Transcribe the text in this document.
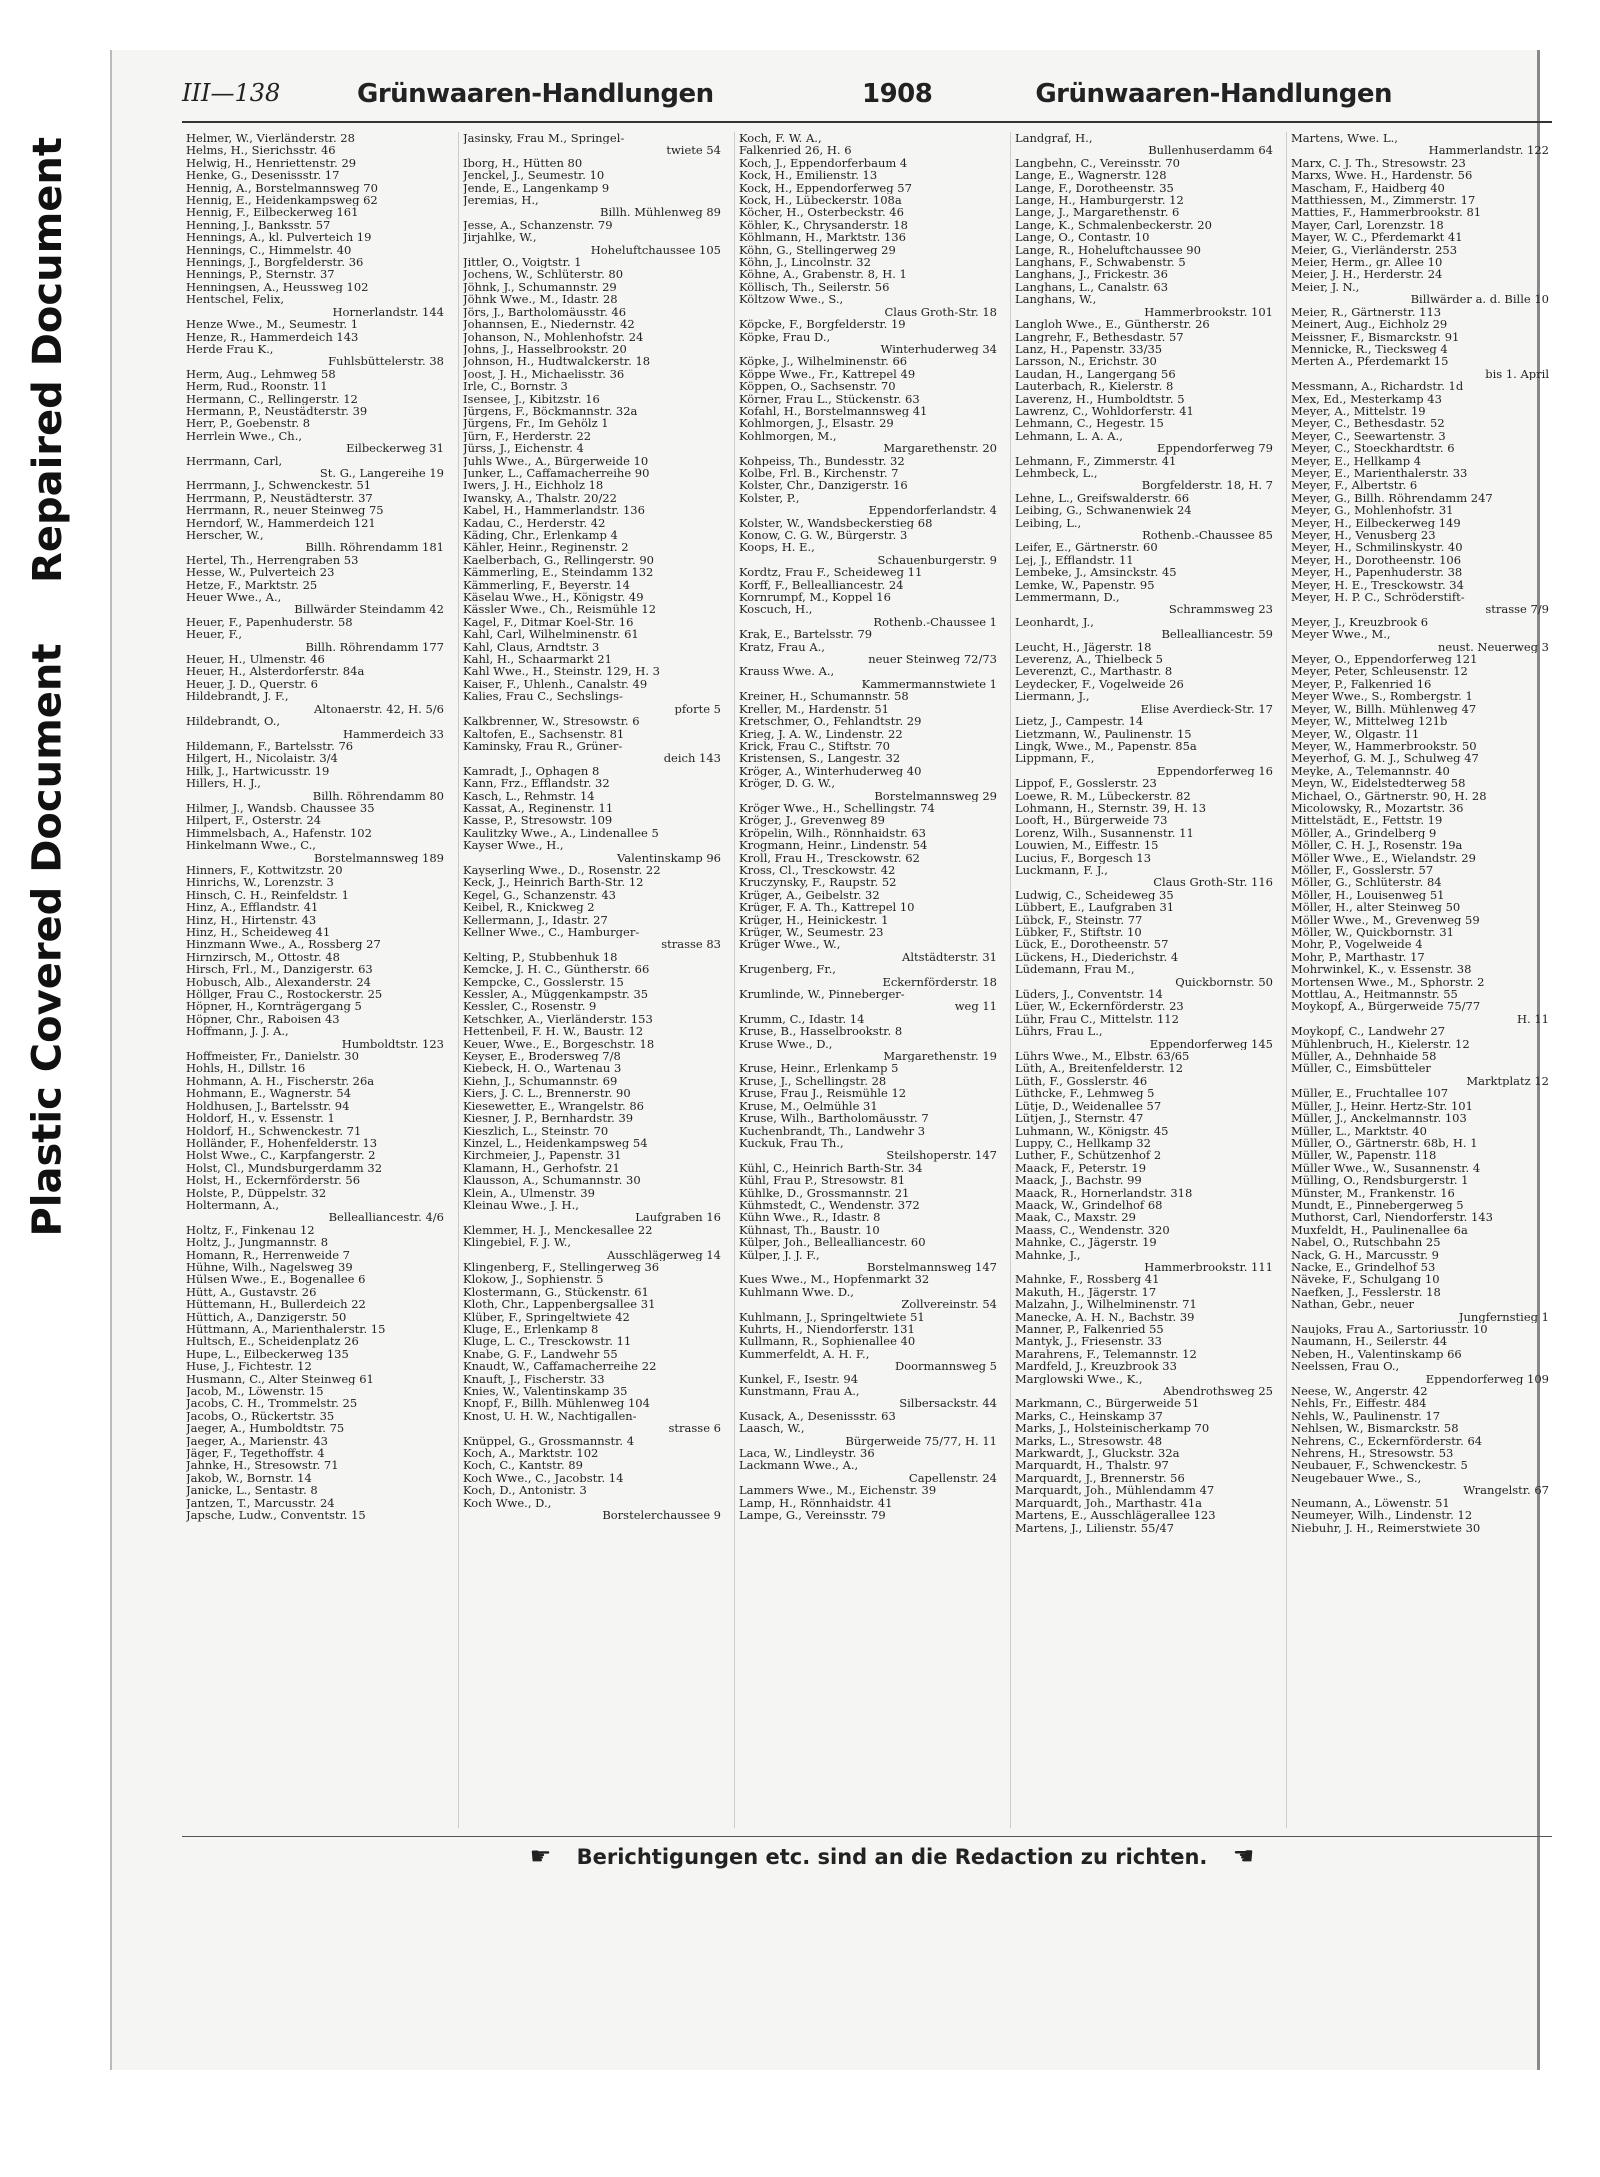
Repaired Document
Plastic Covered Document
III—138	Grünwaaren-Handlungen	1908	Grünwaaren-Handlungen
Helmer, W., Vierländerstr. 28
Helms, H., Sierichsstr. 46
Helwig, H., Henriettenstr. 29
Henke, G., Desenissstr. 17
Hennig, A., Borstelmannsweg 70
Hennig, E., Heidenkampsweg 62
Hennig, F., Eilbeckerweg 161
Henning, J., Banksstr. 57
Hennings, A., kl. Pulverteich 19
Hennings, C., Himmelstr. 40
Hennings, J., Borgfelderstr. 36
Hennings, P., Sternstr. 37
Henningsen, A., Heussweg 102
Hentschel, Felix,
Hornerlandstr. 144
Henze Wwe., M., Seumestr. 1
Henze, R., Hammerdeich 143
Herde Frau K.,
Fuhlsbüttelerstr. 38
Herm, Aug., Lehmweg 58
Herm, Rud., Roonstr. 11
Hermann, C., Rellingerstr. 12
Hermann, P., Neustädterstr. 39
Herr, P., Goebenstr. 8
Herrlein Wwe., Ch.,
Eilbeckerweg 31
Herrmann, Carl,
St. G., Langereihe 19
Herrmann, J., Schwenckestr. 51
Herrmann, P., Neustädterstr. 37
Herrmann, R., neuer Steinweg 75
Herndorf, W., Hammerdeich 121
Herscher, W.,
Billh. Röhrendamm 181
Hertel, Th., Herrengraben 53
Hesse, W., Pulverteich 23
Hetze, F., Marktstr. 25
Heuer Wwe., A.,
Billwärder Steindamm 42
Heuer, F., Papenhuderstr. 58
Heuer, F.,
Billh. Röhrendamm 177
Heuer, H., Ulmenstr. 46
Heuer, H., Alsterdorferstr. 84a
Heuer, J. D., Querstr. 6
Hildebrandt, J. F.,
Altonaerstr. 42, H. 5/6
Hildebrandt, O.,
Hammerdeich 33
Hildemann, F., Bartelsstr. 76
Hilgert, H., Nicolaistr. 3/4
Hilk, J., Hartwicusstr. 19
Hillers, H. J.,
Billh. Röhrendamm 80
Hilmer, J., Wandsb. Chaussee 35
Hilpert, F., Osterstr. 24
Himmelsbach, A., Hafenstr. 102
Hinkelmann Wwe., C.,
Borstelmannsweg 189
Hinners, F., Kottwitzstr. 20
Hinrichs, W., Lorenzstr. 3
Hinsch, C. H., Reinfeldstr. 1
Hinz, A., Efflandstr. 41
Hinz, H., Hirtenstr. 43
Hinz, H., Scheideweg 41
Hinzmann Wwe., A., Rossberg 27
Hirnzirsch, M., Ottostr. 48
Hirsch, Frl., M., Danzigerstr. 63
Hobusch, Alb., Alexanderstr. 24
Höllger, Frau C., Rostockerstr. 25
Höpner, H., Kornträgergang 5
Höpner, Chr., Raboisen 43
Hoffmann, J. J. A.,
Humboldtstr. 123
Hoffmeister, Fr., Danielstr. 30
Hohls, H., Dillstr. 16
Hohmann, A. H., Fischerstr. 26a
Hohmann, E., Wagnerstr. 54
Holdhusen, J., Bartelsstr. 94
Holdorf, H., v. Essenstr. 1
Holdorf, H., Schwenckestr. 71
Holländer, F., Hohenfelderstr. 13
Holst Wwe., C., Karpfangerstr. 2
Holst, Cl., Mundsburgerdamm 32
Holst, H., Eckernförderstr. 56
Holste, P., Düppelstr. 32
Holtermann, A.,
Bellealliancestr. 4/6
Holtz, F., Finkenau 12
Holtz, J., Jungmannstr. 8
Homann, R., Herrenweide 7
Hühne, Wilh., Nagelsweg 39
Hülsen Wwe., E., Bogenallee 6
Hütt, A., Gustavstr. 26
Hüttemann, H., Bullerdeich 22
Hüttich, A., Danzigerstr. 50
Hüttmann, A., Marienthalerstr. 15
Hultsch, E., Scheidenplatz 26
Hupe, L., Eilbeckerweg 135
Huse, J., Fichtestr. 12
Husmann, C., Alter Steinweg 61
Jacob, M., Löwenstr. 15
Jacobs, C. H., Trommelstr. 25
Jacobs, O., Rückertstr. 35
Jaeger, A., Humboldtstr. 75
Jaeger, A., Marienstr. 43
Jäger, F., Tegethoffstr. 4
Jahnke, H., Stresowstr. 71
Jakob, W., Bornstr. 14
Janicke, L., Sentastr. 8
Jantzen, T., Marcusstr. 24
Japsche, Ludw., Conventstr. 15
Jasinsky, Frau M., Springel-
twiete 54
Iborg, H., Hütten 80
Jenckel, J., Seumestr. 10
Jende, E., Langenkamp 9
Jeremias, H.,
Billh. Mühlenweg 89
Jesse, A., Schanzenstr. 79
Jirjahlke, W.,
Hoheluftchaussee 105
Jittler, O., Voigtstr. 1
Jochens, W., Schlüterstr. 80
Jöhnk, J., Schumannstr. 29
Jöhnk Wwe., M., Idastr. 28
Jörs, J., Bartholomäusstr. 46
Johannsen, E., Niedernstr. 42
Johanson, N., Mohlenhofstr. 24
Johns, J., Hasselbrookstr. 20
Johnson, H., Hudtwalckerstr. 18
Joost, J. H., Michaelisstr. 36
Irle, C., Bornstr. 3
Isensee, J., Kibitzstr. 16
Jürgens, F., Böckmannstr. 32a
Jürgens, Fr., Im Gehölz 1
Jürn, F., Herderstr. 22
Jürss, J., Eichenstr. 4
Juhls Wwe., A., Bürgerweide 10
Junker, L., Caffamacherreihe 90
Iwers, J. H., Eichholz 18
Iwansky, A., Thalstr. 20/22
Kabel, H., Hammerlandstr. 136
Kadau, C., Herderstr. 42
Käding, Chr., Erlenkamp 4
Kähler, Heinr., Reginenstr. 2
Kaelberbach, G., Rellingerstr. 90
Kämmerling, E., Steindamm 132
Kämmerling, F., Beyerstr. 14
Käselau Wwe., H., Königstr. 49
Kässler Wwe., Ch., Reismühle 12
Kagel, F., Ditmar Koel-Str. 16
Kahl, Carl, Wilhelminenstr. 61
Kahl, Claus, Arndtstr. 3
Kahl, H., Schaarmarkt 21
Kahl Wwe., H., Steinstr. 129, H. 3
Kaiser, F., Uhlenh., Canalstr. 49
Kalies, Frau C., Sechslings-
pforte 5
Kalkbrenner, W., Stresowstr. 6
Kaltofen, E., Sachsenstr. 81
Kaminsky, Frau R., Grüner-
deich 143
Kamradt, J., Ophagen 8
Kann, Frz., Efflandstr. 32
Kasch, L., Rehmstr. 14
Kassat, A., Reginenstr. 11
Kasse, P., Stresowstr. 109
Kaulitzky Wwe., A., Lindenallee 5
Kayser Wwe., H.,
Valentinskamp 96
Kayserling Wwe., D., Rosenstr. 22
Keck, J., Heinrich Barth-Str. 12
Kegel, G., Schanzenstr. 43
Keibel, R., Knickweg 2
Kellermann, J., Idastr. 27
Kellner Wwe., C., Hamburger-
strasse 83
Kelting, P., Stubbenhuk 18
Kemcke, J. H. C., Güntherstr. 66
Kempcke, C., Gosslerstr. 15
Kessler, A., Müggenkampstr. 35
Kessler, C., Rosenstr. 9
Ketschker, A., Vierländerstr. 153
Hettenbeil, F. H. W., Baustr. 12
Keuer, Wwe., E., Borgeschstr. 18
Keyser, E., Brodersweg 7/8
Kiebeck, H. O., Wartenau 3
Kiehn, J., Schumannstr. 69
Kiers, J. C. L., Brennerstr. 90
Kiesewetter, E., Wrangelstr. 86
Kiesner, J. P., Bernhardstr. 39
Kieszlich, L., Steinstr. 70
Kinzel, L., Heidenkampsweg 54
Kirchmeier, J., Papenstr. 31
Klamann, H., Gerhofstr. 21
Klausson, A., Schumannstr. 30
Klein, A., Ulmenstr. 39
Kleinau Wwe., J. H.,
Laufgraben 16
Klemmer, H. J., Menckesallee 22
Klingebiel, F. J. W.,
Ausschlägerweg 14
Klingenberg, F., Stellingerweg 36
Klokow, J., Sophienstr. 5
Klostermann, G., Stückenstr. 61
Kloth, Chr., Lappenbergsallee 31
Klüber, F., Springeltwiete 42
Kluge, E., Erlenkamp 8
Kluge, L. C., Tresckowstr. 11
Knabe, G. F., Landwehr 55
Knaudt, W., Caffamacherreihe 22
Knauft, J., Fischerstr. 33
Knies, W., Valentinskamp 35
Knopf, F., Billh. Mühlenweg 104
Knost, U. H. W., Nachtigallen-
strasse 6
Knüppel, G., Grossmannstr. 4
Koch, A., Marktstr. 102
Koch, C., Kantstr. 89
Koch Wwe., C., Jacobstr. 14
Koch, D., Antonistr. 3
Koch Wwe., D.,
Borstelerchaussee 9
Koch, F. W. A.,
Falkenried 26, H. 6
Koch, J., Eppendorferbaum 4
Kock, H., Emilienstr. 13
Kock, H., Eppendorferweg 57
Kock, H., Lübeckerstr. 108a
Köcher, H., Osterbeckstr. 46
Köhler, K., Chrysanderstr. 18
Köhlmann, H., Marktstr. 136
Köhn, G., Stellingerweg 29
Köhn, J., Lincolnstr. 32
Köhne, A., Grabenstr. 8, H. 1
Köllisch, Th., Seilerstr. 56
Költzow Wwe., S.,
Claus Groth-Str. 18
Köpcke, F., Borgfelderstr. 19
Köpke, Frau D.,
Winterhuderweg 34
Köpke, J., Wilhelminenstr. 66
Köppe Wwe., Fr., Kattrepel 49
Köppen, O., Sachsenstr. 70
Körner, Frau L., Stückenstr. 63
Kofahl, H., Borstelmannsweg 41
Kohlmorgen, J., Elsastr. 29
Kohlmorgen, M.,
Margarethenstr. 20
Kohpeiss, Th., Bundesstr. 32
Kolbe, Frl. B., Kirchenstr. 7
Kolster, Chr., Danzigerstr. 16
Kolster, P.,
Eppendorferlandstr. 4
Kolster, W., Wandsbeckerstieg 68
Konow, C. G. W., Bürgerstr. 3
Koops, H. E.,
Schauenburgerstr. 9
Kordtz, Frau F., Scheideweg 11
Korff, F., Bellealliancestr. 24
Kornrumpf, M., Koppel 16
Koscuch, H.,
Rothenb.-Chaussee 1
Krak, E., Bartelsstr. 79
Kratz, Frau A.,
neuer Steinweg 72/73
Krauss Wwe. A.,
Kammermannstwiete 1
Kreiner, H., Schumannstr. 58
Kreller, M., Hardenstr. 51
Kretschmer, O., Fehlandtstr. 29
Krieg, J. A. W., Lindenstr. 22
Krick, Frau C., Stiftstr. 70
Kristensen, S., Langestr. 32
Kröger, A., Winterhuderweg 40
Kröger, D. G. W.,
Borstelmannsweg 29
Kröger Wwe., H., Schellingstr. 74
Kröger, J., Grevenweg 89
Kröpelin, Wilh., Rönnhaidstr. 63
Krogmann, Heinr., Lindenstr. 54
Kroll, Frau H., Tresckowstr. 62
Kross, Cl., Tresckowstr. 42
Kruczynsky, F., Raupstr. 52
Krüger, A., Geibelstr. 32
Krüger, F. A. Th., Kattrepel 10
Krüger, H., Heinickestr. 1
Krüger, W., Seumestr. 23
Krüger Wwe., W.,
Altstädterstr. 31
Krugenberg, Fr.,
Eckernförderstr. 18
Krumlinde, W., Pinneberger-
weg 11
Krumm, C., Idastr. 14
Kruse, B., Hasselbrookstr. 8
Kruse Wwe., D.,
Margarethenstr. 19
Kruse, Heinr., Erlenkamp 5
Kruse, J., Schellingstr. 28
Kruse, Frau J., Reismühle 12
Kruse, M., Oelmühle 31
Kruse, Wilh., Bartholomäusstr. 7
Kuchenbrandt, Th., Landwehr 3
Kuckuk, Frau Th.,
Steilshoperstr. 147
Kühl, C., Heinrich Barth-Str. 34
Kühl, Frau P., Stresowstr. 81
Kühlke, D., Grossmannstr. 21
Kühmstedt, C., Wendenstr. 372
Kühn Wwe., R., Idastr. 8
Kühnast, Th., Baustr. 10
Külper, Joh., Bellealliancestr. 60
Külper, J. J. F.,
Borstelmannsweg 147
Kues Wwe., M., Hopfenmarkt 32
Kuhlmann Wwe. D.,
Zollvereinstr. 54
Kuhlmann, J., Springeltwiete 51
Kuhrts, H., Niendorferstr. 131
Kullmann, R., Sophienallee 40
Kummerfeldt, A. H. F.,
Doormannsweg 5
Kunkel, F., Isestr. 94
Kunstmann, Frau A.,
Silbersackstr. 44
Kusack, A., Desenissstr. 63
Laasch, W.,
Bürgerweide 75/77, H. 11
Laca, W., Lindleystr. 36
Lackmann Wwe., A.,
Capellenstr. 24
Lammers Wwe., M., Eichenstr. 39
Lamp, H., Rönnhaidstr. 41
Lampe, G., Vereinsstr. 79
Landgraf, H.,
Bullenhuserdamm 64
Langbehn, C., Vereinsstr. 70
Lange, E., Wagnerstr. 128
Lange, F., Dorotheenstr. 35
Lange, H., Hamburgerstr. 12
Lange, J., Margarethenstr. 6
Lange, K., Schmalenbeckerstr. 20
Lange, O., Contastr. 10
Lange, R., Hoheluftchaussee 90
Langhans, F., Schwabenstr. 5
Langhans, J., Frickestr. 36
Langhans, L., Canalstr. 63
Langhans, W.,
Hammerbrookstr. 101
Langloh Wwe., E., Güntherstr. 26
Langrehr, F., Bethesdastr. 57
Lanz, H., Papenstr. 33/35
Larsson, N., Erichstr. 30
Laudan, H., Langergang 56
Lauterbach, R., Kielerstr. 8
Laverenz, H., Humboldtstr. 5
Lawrenz, C., Wohldorferstr. 41
Lehmann, C., Hegestr. 15
Lehmann, L. A. A.,
Eppendorferweg 79
Lehmann, F., Zimmerstr. 41
Lehmbeck, L.,
Borgfelderstr. 18, H. 7
Lehne, L., Greifswalderstr. 66
Leibing, G., Schwanenwiek 24
Leibing, L.,
Rothenb.-Chaussee 85
Leifer, E., Gärtnerstr. 60
Lej, J., Efflandstr. 11
Lembeke, J., Amsinckstr. 45
Lemke, W., Papenstr. 95
Lemmermann, D.,
Schrammsweg 23
Leonhardt, J.,
Bellealliancestr. 59
Leucht, H., Jägerstr. 18
Leverenz, A., Thielbeck 5
Leverenzt, C., Marthastr. 8
Leydecker, F., Vogelweide 26
Liermann, J.,
Elise Averdieck-Str. 17
Lietz, J., Campestr. 14
Lietzmann, W., Paulinenstr. 15
Lingk, Wwe., M., Papenstr. 85a
Lippmann, F.,
Eppendorferweg 16
Lippof, F., Gosslerstr. 23
Loewe, R. M., Lübeckerstr. 82
Lohmann, H., Sternstr. 39, H. 13
Looft, H., Bürgerweide 73
Lorenz, Wilh., Susannenstr. 11
Louwien, M., Eiffestr. 15
Lucius, F., Borgesch 13
Luckmann, F. J.,
Claus Groth-Str. 116
Ludwig, C., Scheideweg 35
Lübbert, E., Laufgraben 31
Lübck, F., Steinstr. 77
Lübker, F., Stiftstr. 10
Lück, E., Dorotheenstr. 57
Lückens, H., Diederichstr. 4
Lüdemann, Frau M.,
Quickbornstr. 50
Lüders, J., Conventstr. 14
Lüer, W., Eckernförderstr. 23
Lühr, Frau C., Mittelstr. 112
Lührs, Frau L.,
Eppendorferweg 145
Lührs Wwe., M., Elbstr. 63/65
Lüth, A., Breitenfelderstr. 12
Lüth, F., Gosslerstr. 46
Lüthcke, F., Lehmweg 5
Lütje, D., Weidenallee 57
Lütjen, J., Sternstr. 47
Luhmann, W., Königstr. 45
Luppy, C., Hellkamp 32
Luther, F., Schützenhof 2
Maack, F., Peterstr. 19
Maack, J., Bachstr. 99
Maack, R., Hornerlandstr. 318
Maack, W., Grindelhof 68
Maak, C., Maxstr. 29
Maass, C., Wendenstr. 320
Mahnke, C., Jägerstr. 19
Mahnke, J.,
Hammerbrookstr. 111
Mahnke, F., Rossberg 41
Makuth, H., Jägerstr. 17
Malzahn, J., Wilhelminenstr. 71
Manecke, A. H. N., Bachstr. 39
Manner, P., Falkenried 55
Mantyk, J., Friesenstr. 33
Marahrens, F., Telemannstr. 12
Mardfeld, J., Kreuzbrook 33
Marglowski Wwe., K.,
Abendrothsweg 25
Markmann, C., Bürgerweide 51
Marks, C., Heinskamp 37
Marks, J., Holsteinischerkamp 70
Marks, L., Stresowstr. 48
Markwardt, J., Gluckstr. 32a
Marquardt, H., Thalstr. 97
Marquardt, J., Brennerstr. 56
Marquardt, Joh., Mühlendamm 47
Marquardt, Joh., Marthastr. 41a
Martens, E., Ausschlägerallee 123
Martens, J., Lilienstr. 55/47
Martens, Wwe. L.,
Hammerlandstr. 122
Marx, C. J. Th., Stresowstr. 23
Marxs, Wwe. H., Hardenstr. 56
Mascham, F., Haidberg 40
Matthiessen, M., Zimmerstr. 17
Matties, F., Hammerbrookstr. 81
Mayer, Carl, Lorenzstr. 18
Mayer, W. C., Pferdemarkt 41
Meier, G., Vierländerstr. 253
Meier, Herm., gr. Allee 10
Meier, J. H., Herderstr. 24
Meier, J. N.,
Billwärder a. d. Bille 10
Meier, R., Gärtnerstr. 113
Meinert, Aug., Eichholz 29
Meissner, F., Bismarckstr. 91
Mennicke, R., Tiecksweg 4
Merten A., Pferdemarkt 15
bis 1. April
Messmann, A., Richardstr. 1d
Mex, Ed., Mesterkamp 43
Meyer, A., Mittelstr. 19
Meyer, C., Bethesdastr. 52
Meyer, C., Seewartenstr. 3
Meyer, C., Stoeckhardtstr. 6
Meyer, E., Hellkamp 4
Meyer, E., Marienthalerstr. 33
Meyer, F., Albertstr. 6
Meyer, G., Billh. Röhrendamm 247
Meyer, G., Mohlenhofstr. 31
Meyer, H., Eilbeckerweg 149
Meyer, H., Venusberg 23
Meyer, H., Schmilinskystr. 40
Meyer, H., Dorotheenstr. 106
Meyer, H., Papenhuderstr. 38
Meyer, H. E., Tresckowstr. 34
Meyer, H. P. C., Schröderstift-
strasse 7/9
Meyer, J., Kreuzbrook 6
Meyer Wwe., M.,
neust. Neuerweg 3
Meyer, O., Eppendorferweg 121
Meyer, Peter, Schleusenstr. 12
Meyer, P., Falkenried 16
Meyer Wwe., S., Rombergstr. 1
Meyer, W., Billh. Mühlenweg 47
Meyer, W., Mittelweg 121b
Meyer, W., Olgastr. 11
Meyer, W., Hammerbrookstr. 50
Meyerhof, G. M. J., Schulweg 47
Meyke, A., Telemannstr. 40
Meyn, W., Eidelstedterweg 58
Michael, O., Gärtnerstr. 90, H. 28
Micolowsky, R., Mozartstr. 36
Mittelstädt, E., Fettstr. 19
Möller, A., Grindelberg 9
Möller, C. H. J., Rosenstr. 19a
Möller Wwe., E., Wielandstr. 29
Möller, F., Gosslerstr. 57
Möller, G., Schlüterstr. 84
Möller, H., Louisenweg 51
Möller, H., alter Steinweg 50
Möller Wwe., M., Grevenweg 59
Möller, W., Quickbornstr. 31
Mohr, P., Vogelweide 4
Mohr, P., Marthastr. 17
Mohrwinkel, K., v. Essenstr. 38
Mortensen Wwe., M., Sphorstr. 2
Mottlau, A., Heitmannstr. 55
Moykopf, A., Bürgerweide 75/77
H. 11
Moykopf, C., Landwehr 27
Mühlenbruch, H., Kielerstr. 12
Müller, A., Dehnhaide 58
Müller, C., Eimsbütteler
Marktplatz 12
Müller, E., Fruchtallee 107
Müller, J., Heinr. Hertz-Str. 101
Müller, J., Anckelmannstr. 103
Müller, L., Marktstr. 40
Müller, O., Gärtnerstr. 68b, H. 1
Müller, W., Papenstr. 118
Müller Wwe., W., Susannenstr. 4
Mülling, O., Rendsburgerstr. 1
Münster, M., Frankenstr. 16
Mundt, E., Pinnebergerweg 5
Muthorst, Carl, Niendorferstr. 143
Muxfeldt, H., Paulinenallee 6a
Nabel, O., Rutschbahn 25
Nack, G. H., Marcusstr. 9
Nacke, E., Grindelhof 53
Näveke, F., Schulgang 10
Naefken, J., Fesslerstr. 18
Nathan, Gebr., neuer
Jungfernstieg 1
Naujoks, Frau A., Sartoriusstr. 10
Naumann, H., Seilerstr. 44
Neben, H., Valentinskamp 66
Neelssen, Frau O.,
Eppendorferweg 109
Neese, W., Angerstr. 42
Nehls, Fr., Eiffestr. 484
Nehls, W., Paulinenstr. 17
Nehlsen, W., Bismarckstr. 58
Nehrens, C., Eckernförderstr. 64
Nehrens, H., Stresowstr. 53
Neubauer, F., Schwenckestr. 5
Neugebauer Wwe., S.,
Wrangelstr. 67
Neumann, A., Löwenstr. 51
Neumeyer, Wilh., Lindenstr. 12
Niebuhr, J. H., Reimerstwiete 30
☛ Berichtigungen etc. sind an die Redaction zu richten. ☚
